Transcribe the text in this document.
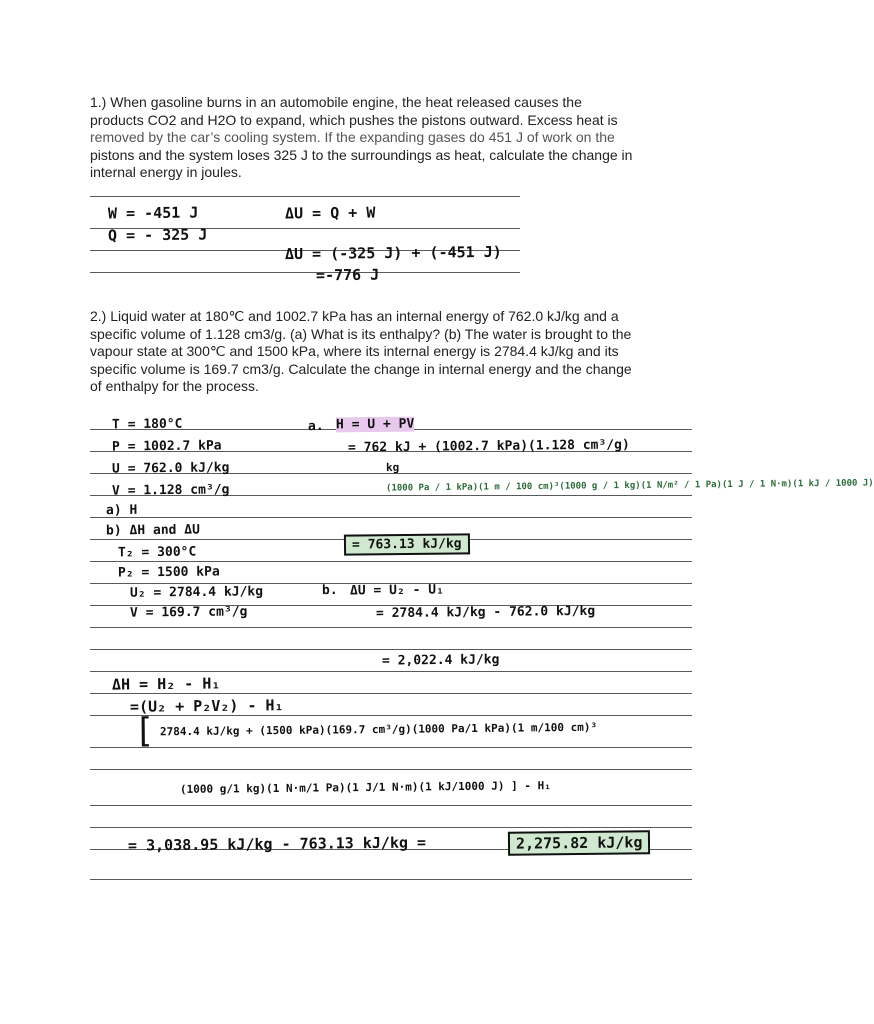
1.) When gasoline burns in an automobile engine, the heat released causes the

products CO2 and H2O to expand, which pushes the pistons outward. Excess heat is

removed by the car’s cooling system. If the expanding gases do 451 J of work on the

pistons and the system loses 325 J to the surroundings as heat, calculate the change in

internal energy in joules.

W = -451 J
Q = - 325 J
ΔU = Q + W
ΔU = (-325 J) + (-451 J)
=-776 J

2.) Liquid water at 180℃ and 1002.7 kPa has an internal energy of 762.0 kJ/kg and a

specific volume of 1.128 cm3/g. (a) What is its enthalpy? (b) The water is brought to the

vapour state at 300℃ and 1500 kPa, where its internal energy is 2784.4 kJ/kg and its

specific volume is 169.7 cm3/g. Calculate the change in internal energy and the change

of enthalpy for the process.

T = 180°C
P = 1002.7 kPa
U = 762.0 kJ/kg
V = 1.128 cm³/g
a) H
b) ΔH and ΔU
T₂ = 300°C
P₂ = 1500 kPa
U₂ = 2784.4 kJ/kg
V = 169.7 cm³/g
a. H = U + PV
= 762 kJ + (1002.7 kPa)(1.128 cm³/g)
kg
(1000 Pa / 1 kPa)(1 m / 100 cm)³(1000 g / 1 kg)(1 N/m² / 1 Pa)(1 J / 1 N·m)(1 kJ / 1000 J)
= 763.13 kJ/kg
b. ΔU = U₂ - U₁
= 2784.4 kJ/kg - 762.0 kJ/kg
= 2,022.4 kJ/kg
ΔH = H₂ - H₁
=(U₂ + P₂V₂) - H₁
[ 2784.4 kJ/kg + (1500 kPa)(169.7 cm³/g)(1000 Pa/1 kPa)(1 m/100 cm)³
(1000 g/1 kg)(1 N·m/1 Pa)(1 J/1 N·m)(1 kJ/1000 J) ] - H₁
= 3,038.95 kJ/kg - 763.13 kJ/kg =	2,275.82 kJ/kg
